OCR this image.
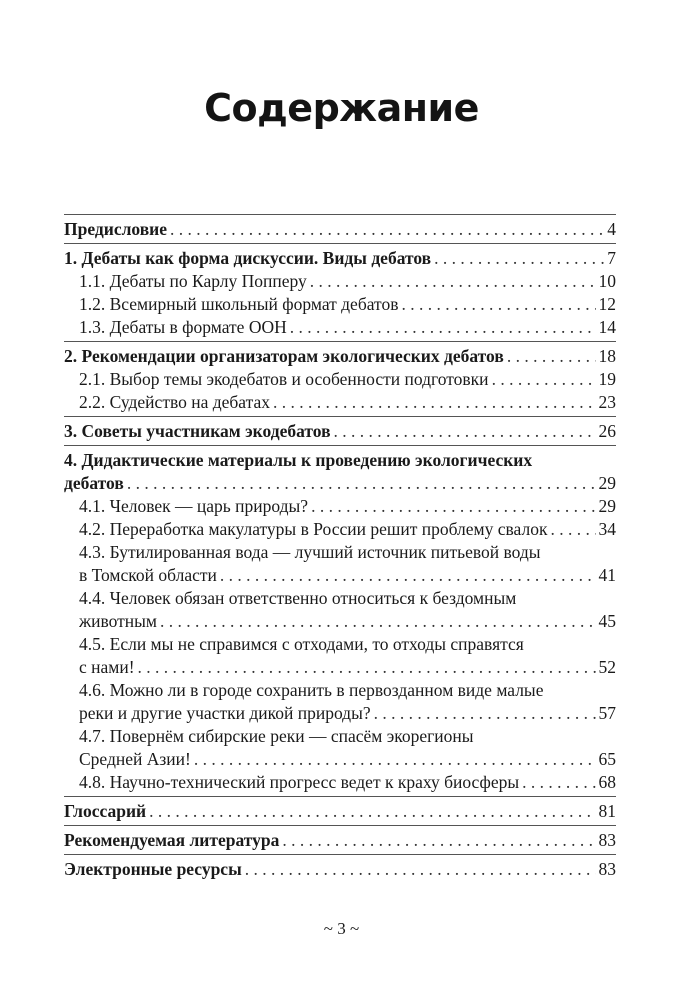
Содержание
Предисловие . . .	4
1. Дебаты как форма дискуссии. Виды дебатов . . .	7
1.1. Дебаты по Карлу Попперу . . .	10
1.2. Всемирный школьный формат дебатов . . .	12
1.3. Дебаты в формате ООН . . .	14
2. Рекомендации организаторам экологических дебатов . . .	18
2.1. Выбор темы экодебатов и особенности подготовки . . .	19
2.2. Судейство на дебатах . . .	23
3. Советы участникам экодебатов . . .	26
4. Дидактические материалы к проведению экологических
дебатов . . .	29
4.1. Человек — царь природы? . . .	29
4.2. Переработка макулатуры в России решит проблему свалок . . .	34
4.3. Бутилированная вода — лучший источник питьевой воды
в Томской области . . .	41
4.4. Человек обязан ответственно относиться к бездомным
животным . . .	45
4.5. Если мы не справимся с отходами, то отходы справятся
с нами! . . .	52
4.6. Можно ли в городе сохранить в первозданном виде малые
реки и другие участки дикой природы? . . .	57
4.7. Повернём сибирские реки — спасём экорегионы
Средней Азии! . . .	65
4.8. Научно-технический прогресс ведет к краху биосферы . . .	68
Глоссарий . . .	81
Рекомендуемая литература . . .	83
Электронные ресурсы . . .	83
~ 3 ~
